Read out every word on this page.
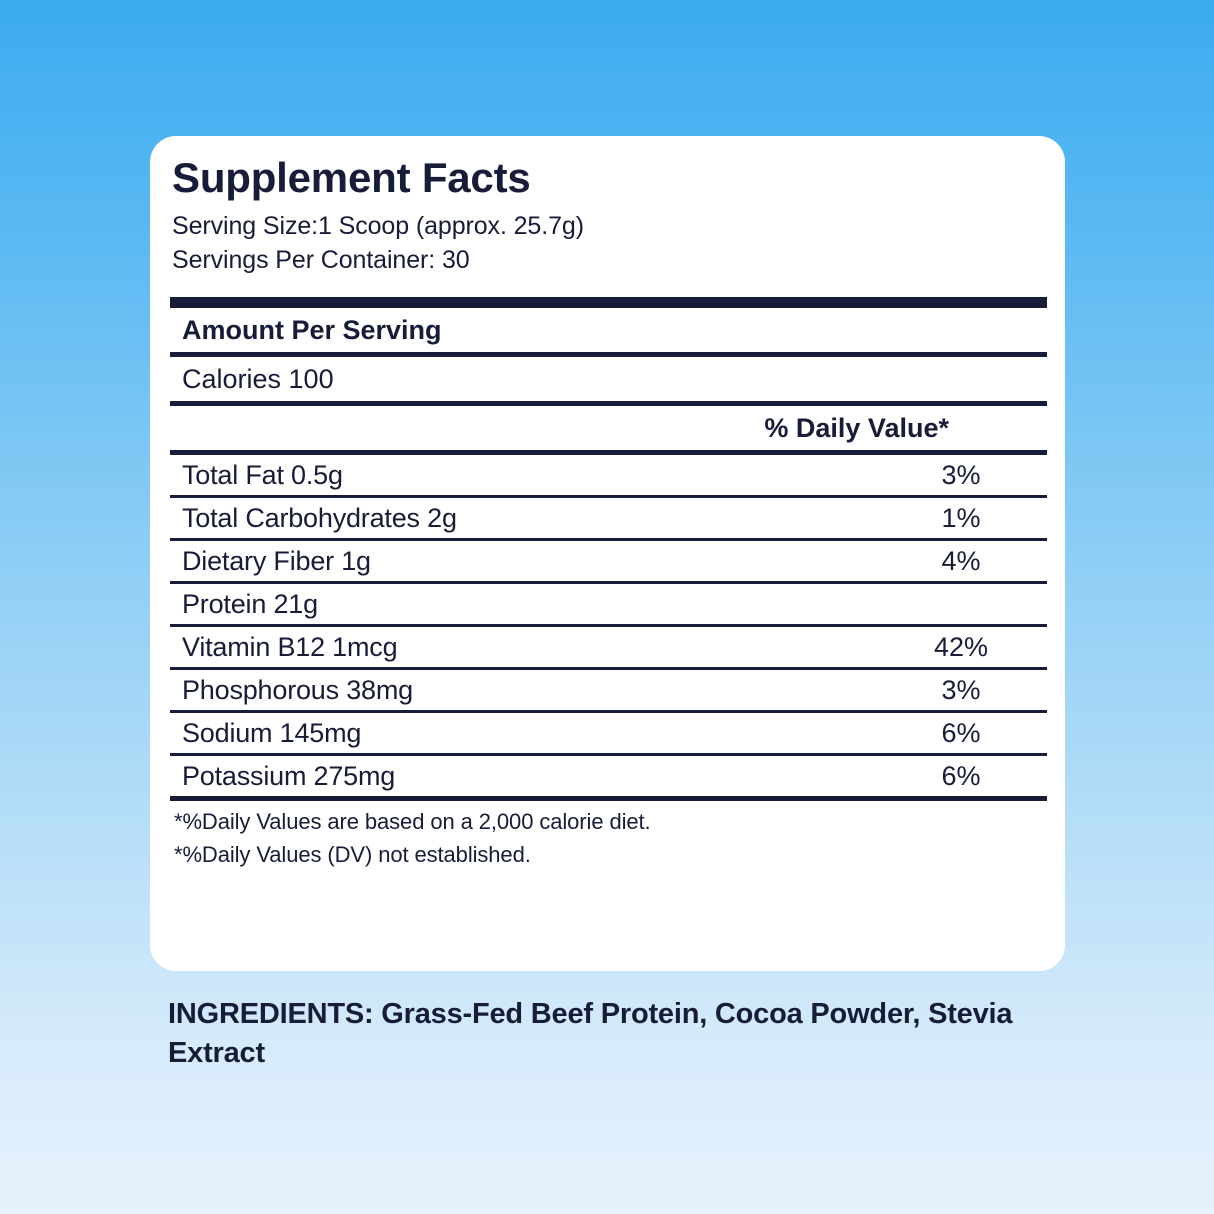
Supplement Facts
Serving Size:1 Scoop (approx. 25.7g)
Servings Per Container: 30
Amount Per Serving
Calories 100
% Daily Value*
Total Fat 0.5g	3%
Total Carbohydrates 2g	1%
Dietary Fiber 1g	4%
Protein 21g
Vitamin B12 1mcg	42%
Phosphorous 38mg	3%
Sodium 145mg	6%
Potassium 275mg	6%
*%Daily Values are based on a 2,000 calorie diet.
*%Daily Values (DV) not established.
INGREDIENTS: Grass-Fed Beef Protein, Cocoa Powder, Stevia Extract
